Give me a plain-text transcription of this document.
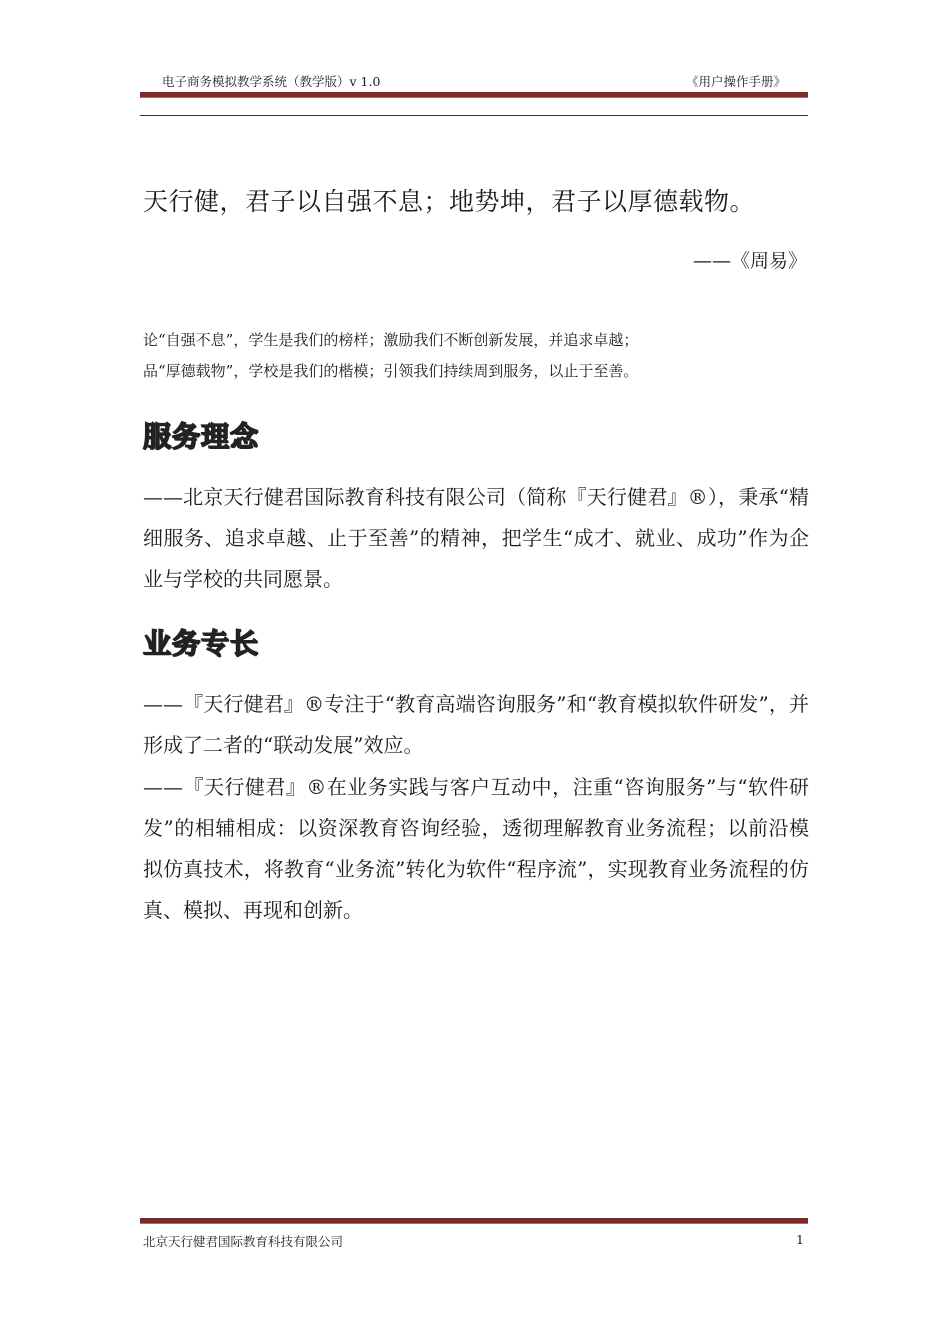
电子商务模拟教学系统（教学版）v 1.0	《用户操作手册》
天行健，君子以自强不息；地势坤，君子以厚德载物。
——《周易》
论“自强不息”，学生是我们的榜样；激励我们不断创新发展，并追求卓越；
品“厚德载物”，学校是我们的楷模；引领我们持续周到服务，以止于至善。
服务理念
——北京天行健君国际教育科技有限公司（简称『天行健君』®），秉承“精细服务、追求卓越、止于至善”的精神，把学生“成才、就业、成功”作为企业与学校的共同愿景。
业务专长
——『天行健君』®专注于“教育高端咨询服务”和“教育模拟软件研发”，并形成了二者的“联动发展”效应。
——『天行健君』®在业务实践与客户互动中，注重“咨询服务”与“软件研发”的相辅相成：以资深教育咨询经验，透彻理解教育业务流程；以前沿模拟仿真技术，将教育“业务流”转化为软件“程序流”，实现教育业务流程的仿真、模拟、再现和创新。
北京天行健君国际教育科技有限公司	1
